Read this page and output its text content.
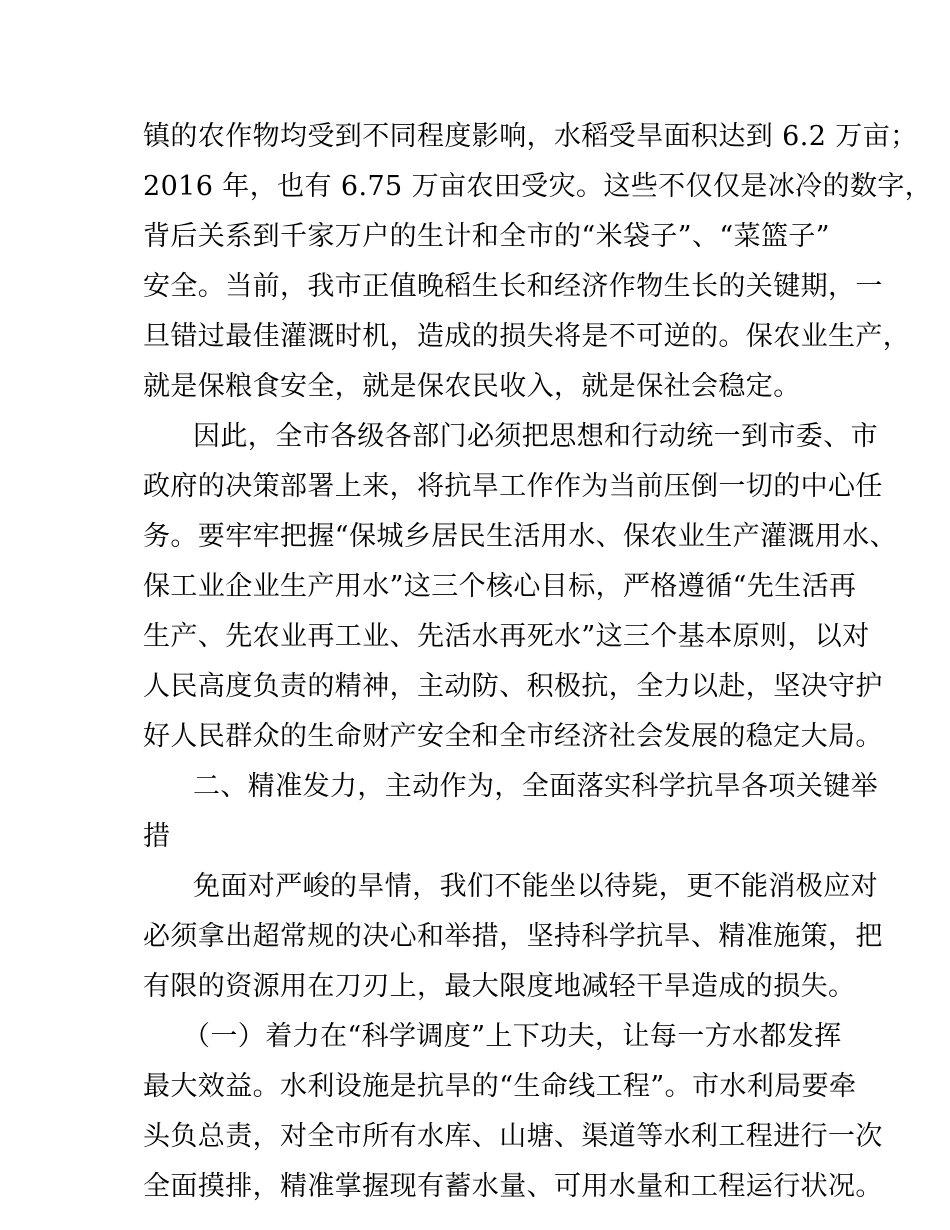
镇的农作物均受到不同程度影响，水稻受旱面积达到 6.2 万亩；
2016 年，也有 6.75 万亩农田受灾。这些不仅仅是冰冷的数字，
背后关系到千家万户的生计和全市的“米袋子”、“菜篮子”
安全。当前，我市正值晚稻生长和经济作物生长的关键期，一
旦错过最佳灌溉时机，造成的损失将是不可逆的。保农业生产，
就是保粮食安全，就是保农民收入，就是保社会稳定。
因此，全市各级各部门必须把思想和行动统一到市委、市
政府的决策部署上来，将抗旱工作作为当前压倒一切的中心任
务。要牢牢把握“保城乡居民生活用水、保农业生产灌溉用水、
保工业企业生产用水”这三个核心目标，严格遵循“先生活再
生产、先农业再工业、先活水再死水”这三个基本原则，以对
人民高度负责的精神，主动防、积极抗，全力以赴，坚决守护
好人民群众的生命财产安全和全市经济社会发展的稳定大局。
二、精准发力，主动作为，全面落实科学抗旱各项关键举
措
免面对严峻的旱情，我们不能坐以待毙，更不能消极应对
必须拿出超常规的决心和举措，坚持科学抗旱、精准施策，把
有限的资源用在刀刃上，最大限度地减轻干旱造成的损失。
（一）着力在“科学调度”上下功夫，让每一方水都发挥
最大效益。水利设施是抗旱的“生命线工程”。市水利局要牵
头负总责，对全市所有水库、山塘、渠道等水利工程进行一次
全面摸排，精准掌握现有蓄水量、可用水量和工程运行状况。
